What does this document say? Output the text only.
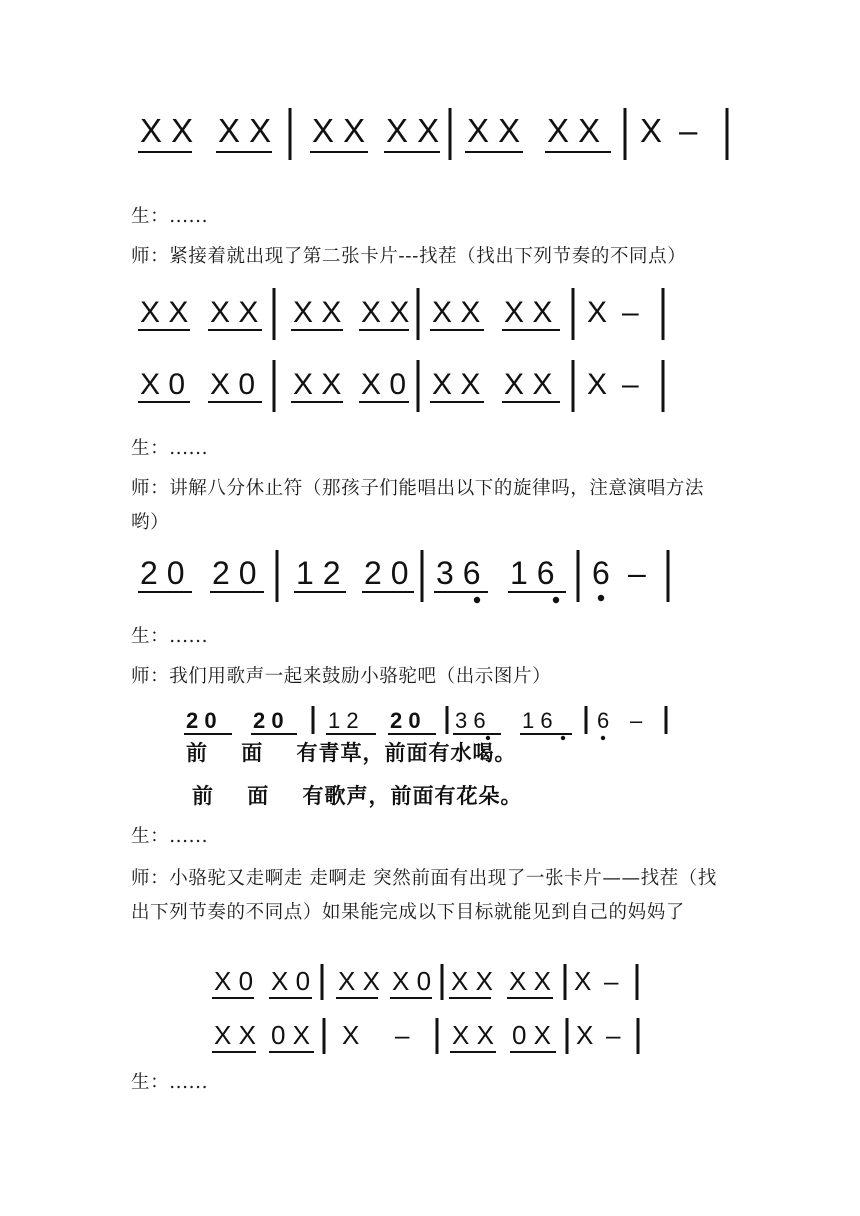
X X X X X X X X X X X X X –
生：......
师：紧接着就出现了第二张卡片---找茬（找出下列节奏的不同点）
X X X X X X X X X X X X X –
X 0 X 0 X X X 0 X X X X X –
生：......
师：讲解八分休止符（那孩子们能唱出以下的旋律吗，注意演唱方法哟）
2 0 2 0 1 2 2 0 3 6 1 6 6 –
生：......
师：我们用歌声一起来鼓励小骆驼吧（出示图片）
2 0 2 0 1 2 2 0 3 6 1 6 6 –
前    面    有青草，前面有水喝。
前    面    有歌声，前面有花朵。
生：......
师：小骆驼又走啊走 走啊走 突然前面有出现了一张卡片——找茬（找出下列节奏的不同点）如果能完成以下目标就能见到自己的妈妈了
X 0 X 0 X X X 0 X X X X X –
X X 0 X X – X X 0 X X –
生：......
